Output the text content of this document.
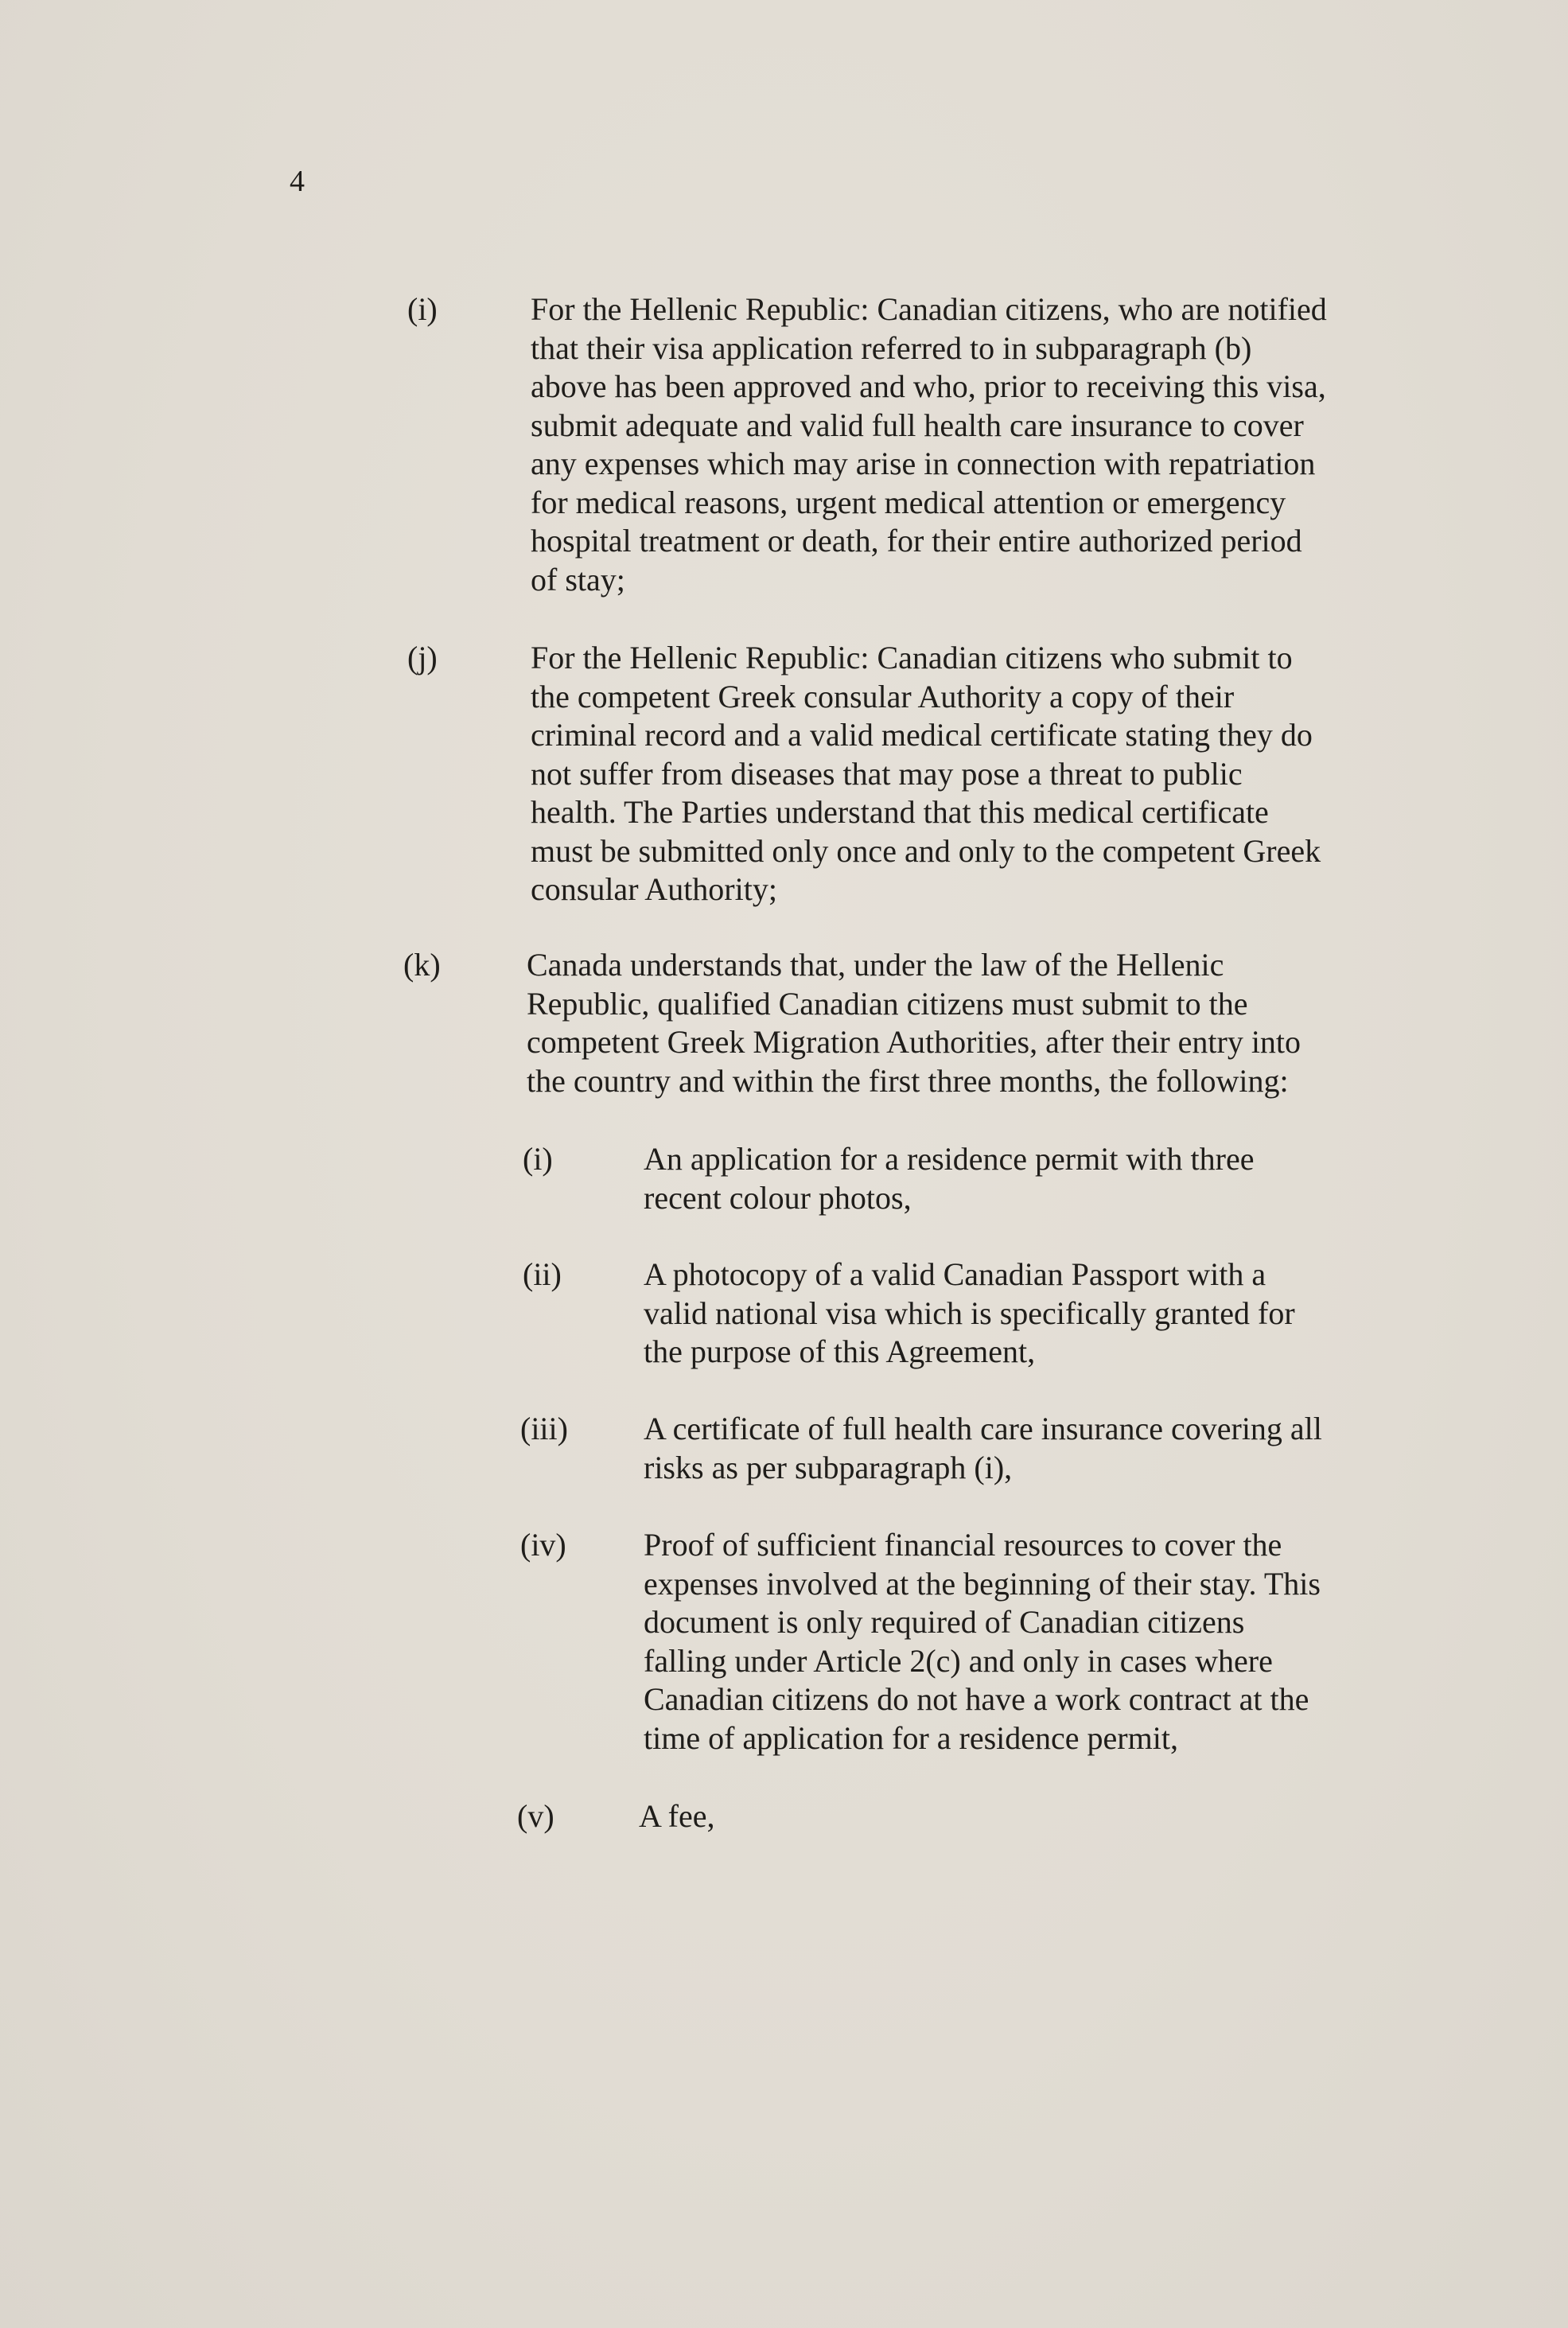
4
(i)	For the Hellenic Republic: Canadian citizens, who are notified
that their visa application referred to in subparagraph (b)
above has been approved and who, prior to receiving this visa,
submit adequate and valid full health care insurance to cover
any expenses which may arise in connection with repatriation
for medical reasons, urgent medical attention or emergency
hospital treatment or death, for their entire authorized period
of stay;
(j)	For the Hellenic Republic: Canadian citizens who submit to
the competent Greek consular Authority a copy of their
criminal record and a valid medical certificate stating they do
not suffer from diseases that may pose a threat to public
health. The Parties understand that this medical certificate
must be submitted only once and only to the competent Greek
consular Authority;
(k)	Canada understands that, under the law of the Hellenic
Republic, qualified Canadian citizens must submit to the
competent Greek Migration Authorities, after their entry into
the country and within the first three months, the following:
(i)	An application for a residence permit with three
recent colour photos,
(ii)	A photocopy of a valid Canadian Passport with a
valid national visa which is specifically granted for
the purpose of this Agreement,
(iii) A certificate of full health care insurance covering all
risks as per subparagraph (i),
(iv) Proof of sufficient financial resources to cover the
expenses involved at the beginning of their stay. This
document is only required of Canadian citizens
falling under Article 2(c) and only in cases where
Canadian citizens do not have a work contract at the
time of application for a residence permit,
(v)	A fee,
